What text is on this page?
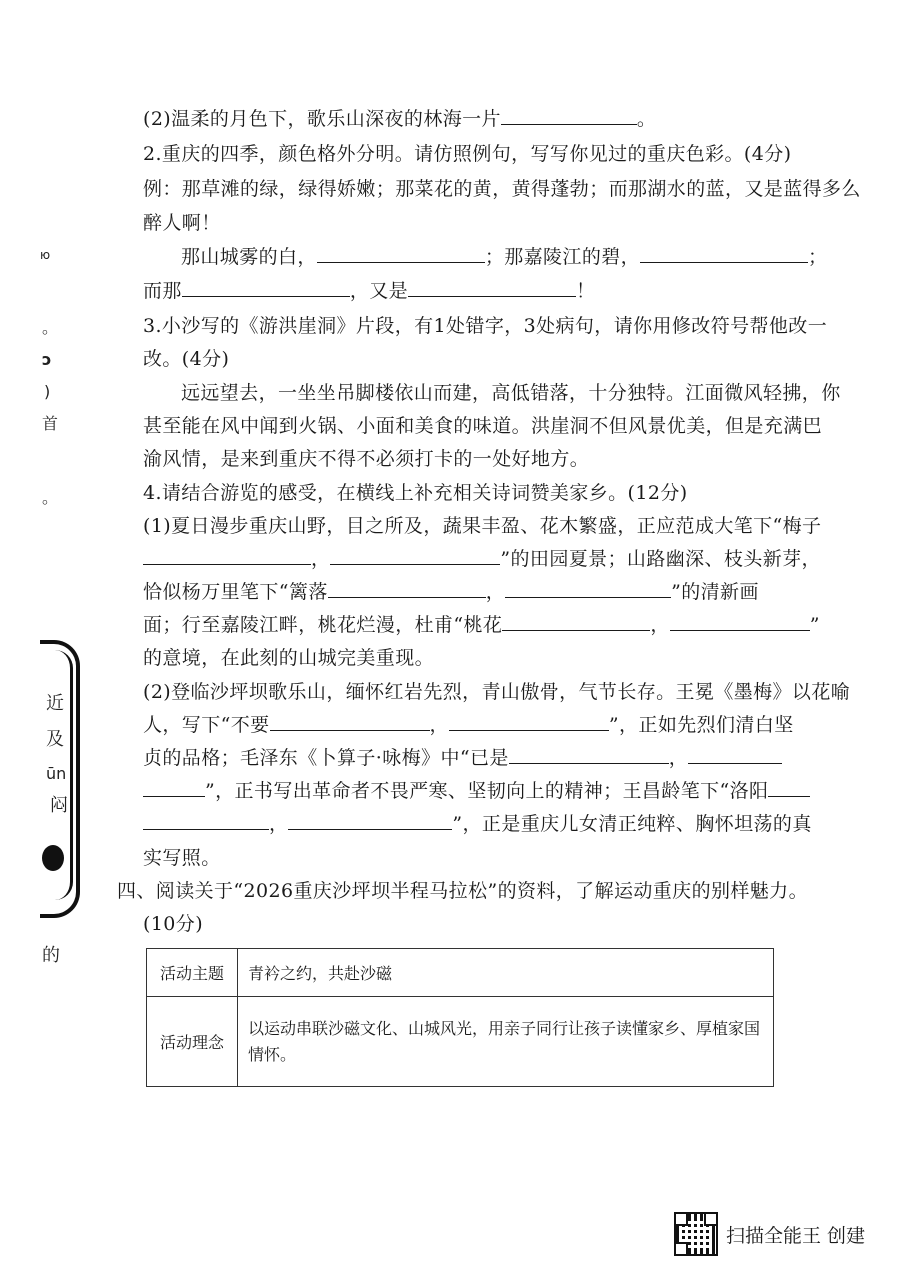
ю
。
ɔ
)
首
。
近
及
ūn
闷
的
(2)温柔的月色下，歌乐山深夜的林海一片	。
2.重庆的四季，颜色格外分明。请仿照例句，写写你见过的重庆色彩。(4分)
例：那草滩的绿，绿得娇嫩；那菜花的黄，黄得蓬勃；而那湖水的蓝，又是蓝得多么
醉人啊！
那山城雾的白，	；那嘉陵江的碧，	；
而那	，又是	！
3.小沙写的《游洪崖洞》片段，有1处错字，3处病句，请你用修改符号帮他改一
改。(4分)
远远望去，一坐坐吊脚楼依山而建，高低错落，十分独特。江面微风轻拂，你
甚至能在风中闻到火锅、小面和美食的味道。洪崖洞不但风景优美，但是充满巴
渝风情，是来到重庆不得不必须打卡的一处好地方。
4.请结合游览的感受，在横线上补充相关诗词赞美家乡。(12分)
(1)夏日漫步重庆山野，目之所及，蔬果丰盈、花木繁盛，正应范成大笔下“梅子
，	”的田园夏景；山路幽深、枝头新芽，
恰似杨万里笔下“篱落	，	”的清新画
面；行至嘉陵江畔，桃花烂漫，杜甫“桃花	，	”
的意境，在此刻的山城完美重现。
(2)登临沙坪坝歌乐山，缅怀红岩先烈，青山傲骨，气节长存。王冕《墨梅》以花喻
人，写下“不要	，	”，正如先烈们清白坚
贞的品格；毛泽东《卜算子·咏梅》中“已是	，
”，正书写出革命者不畏严寒、坚韧向上的精神；王昌龄笔下“洛阳
，	”，正是重庆儿女清正纯粹、胸怀坦荡的真
实写照。
四、阅读关于“2026重庆沙坪坝半程马拉松”的资料，了解运动重庆的别样魅力。
(10分)
活动主题	青衿之约，共赴沙磁
活动理念	以运动串联沙磁文化、山城风光，用亲子同行让孩子读懂家乡、厚植家国
情怀。
扫描全能王 创建
